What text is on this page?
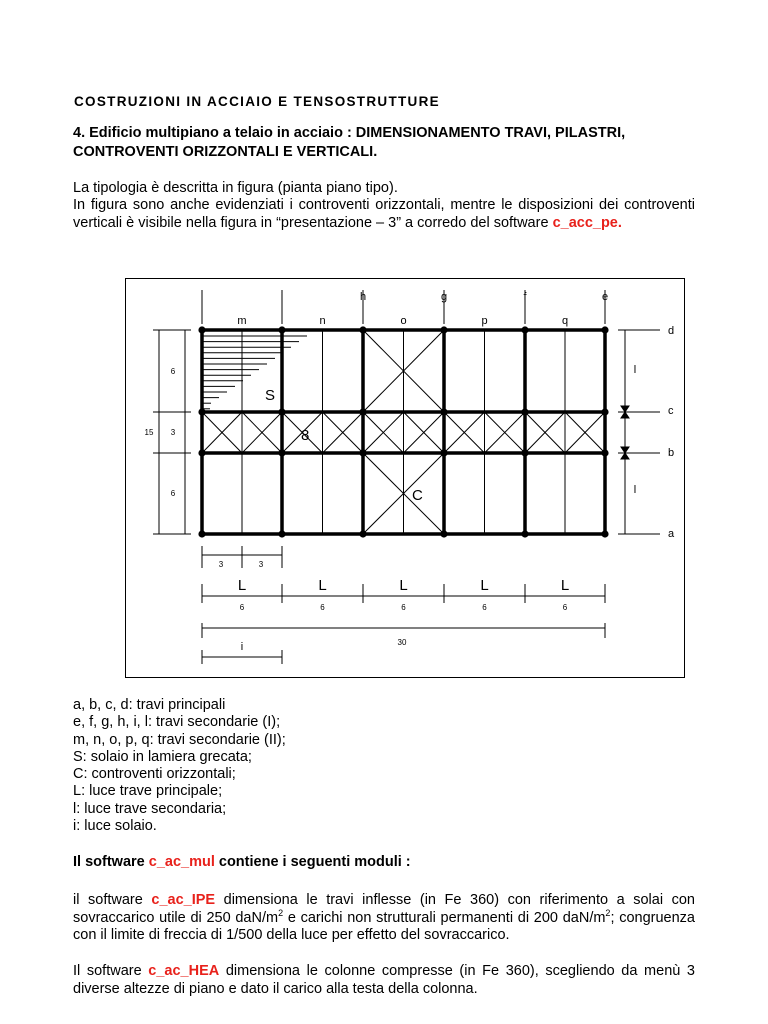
COSTRUZIONI IN ACCIAIO E TENSOSTRUTTURE
4. Edificio multipiano a telaio in acciaio : DIMENSIONAMENTO TRAVI, PILASTRI, CONTROVENTI ORIZZONTALI E VERTICALI.
La tipologia è descritta in figura (pianta piano tipo).
In figura sono anche evidenziati i controventi orizzontali, mentre le disposizioni dei controventi verticali è visibile nella figura in “presentazione – 3” a corredo del software c_acc_pe.
l	i	h	g	f	e
m	n	o	p	q
S
8
C
6
3
6
15
l
l
d
c
b
a
3	3
L
6
L
6
L
6
L
6
L
6
30
i
a, b, c, d: travi principali
e, f, g, h, i, l: travi secondarie (I);
m, n, o, p, q: travi secondarie (II);
S: solaio in lamiera grecata;
C: controventi orizzontali;
L: luce trave principale;
l: luce trave secondaria;
i: luce solaio.
Il software c_ac_mul contiene i seguenti moduli :
il software c_ac_IPE dimensiona le travi inflesse (in Fe 360) con riferimento a solai con sovraccarico utile di 250 daN/$m^2$ e carichi non strutturali permanenti di 200 daN/$m^2$; congruenza con il limite di freccia di 1/500 della luce per effetto del sovraccarico.
Il software c_ac_HEA dimensiona le colonne compresse (in Fe 360), scegliendo da menù 3 diverse altezze di piano e dato il carico alla testa della colonna.
